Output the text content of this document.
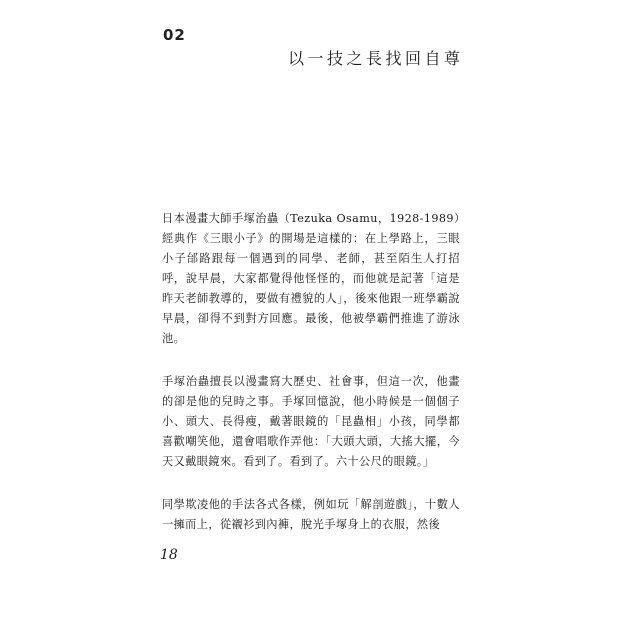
02
以一技之長找回自尊

日本漫畫大師手塚治蟲（Tezuka Osamu，1928-1989）經典作《三眼小子》的開場是這樣的：在上學路上，三眼小子邰路跟每一個遇到的同學、老師，甚至陌生人打招呼，說早晨，大家都覺得他怪怪的，而他就是記著「這是昨天老師教導的，要做有禮貌的人」，後來他跟一班學霸說早晨，卻得不到對方回應。最後，他被學霸們推進了游泳池。

手塚治蟲擅長以漫畫寫大歷史、社會事，但這一次，他畫的卻是他的兒時之事。手塚回憶說，他小時候是一個個子小、頭大、長得瘦，戴著眼鏡的「昆蟲相」小孩，同學都喜歡嘲笑他，還會唱歌作弄他：「大頭大頭，大搖大擺，今天又戴眼鏡來。看到了。看到了。六十公尺的眼鏡。」

同學欺凌他的手法各式各樣，例如玩「解剖遊戲」，十數人一擁而上，從襯衫到內褲，脫光手塚身上的衣服，然後

18
